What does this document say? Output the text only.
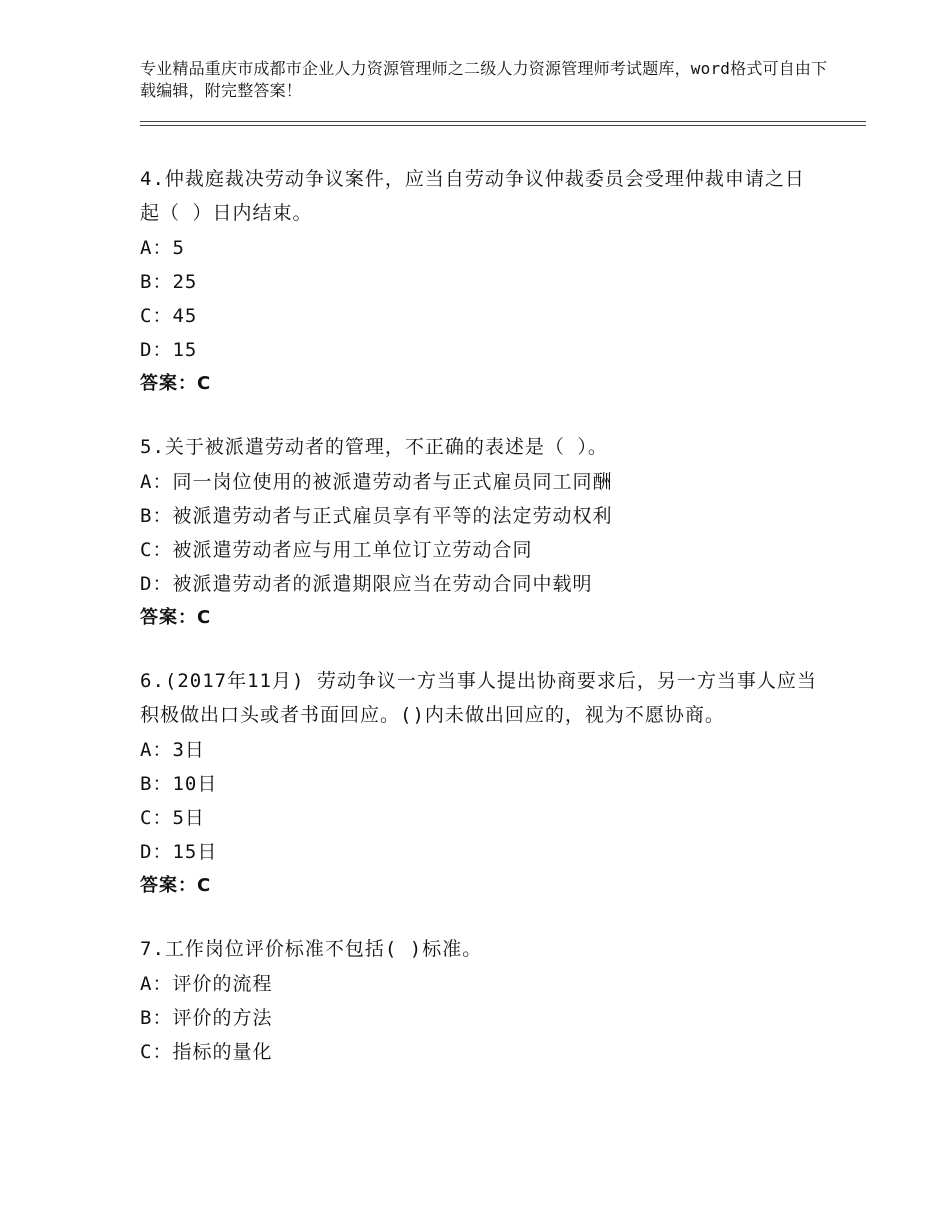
专业精品重庆市成都市企业人力资源管理师之二级人力资源管理师考试题库，word格式可自由下载编辑，附完整答案！

4.仲裁庭裁决劳动争议案件，应当自劳动争议仲裁委员会受理仲裁申请之日起（ ）日内结束。

A：5

B：25

C：45

D：15

答案：C

5.关于被派遣劳动者的管理，不正确的表述是（ ）。

A：同一岗位使用的被派遣劳动者与正式雇员同工同酬

B：被派遣劳动者与正式雇员享有平等的法定劳动权利

C：被派遣劳动者应与用工单位订立劳动合同

D：被派遣劳动者的派遣期限应当在劳动合同中载明

答案：C

6.(2017年11月) 劳动争议一方当事人提出协商要求后，另一方当事人应当积极做出口头或者书面回应。()内未做出回应的，视为不愿协商。

A：3日

B：10日

C：5日

D：15日

答案：C

7.工作岗位评价标准不包括( )标准。

A：评价的流程

B：评价的方法

C：指标的量化
